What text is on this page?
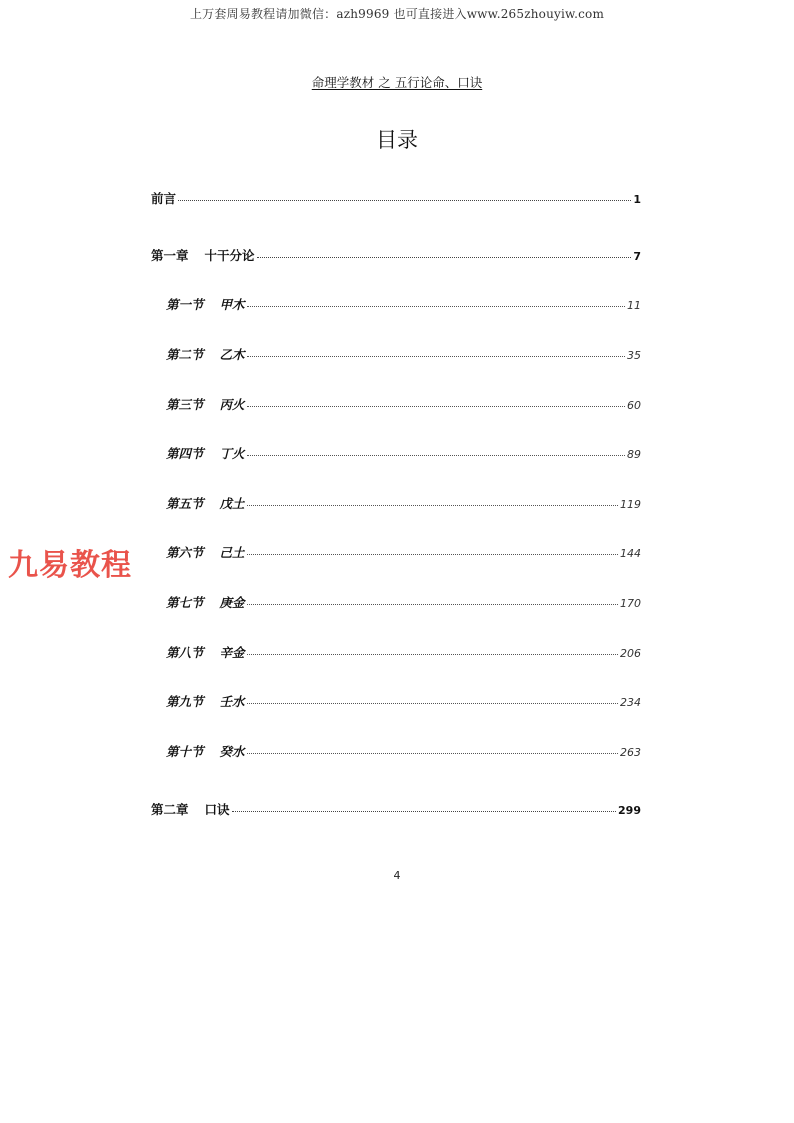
上万套周易教程请加微信：azh9969 也可直接进入www.265zhouyiw.com
命理学教材 之 五行论命、口诀
目录
前言	1
第一章 十干分论	7
第一节 甲木	11
第二节 乙木	35
第三节 丙火	60
第四节 丁火	89
第五节 戊土	119
第六节 己土	144
第七节 庚金	170
第八节 辛金	206
第九节 壬水	234
第十节 癸水	263
第二章 口诀	299
九易教程
4
